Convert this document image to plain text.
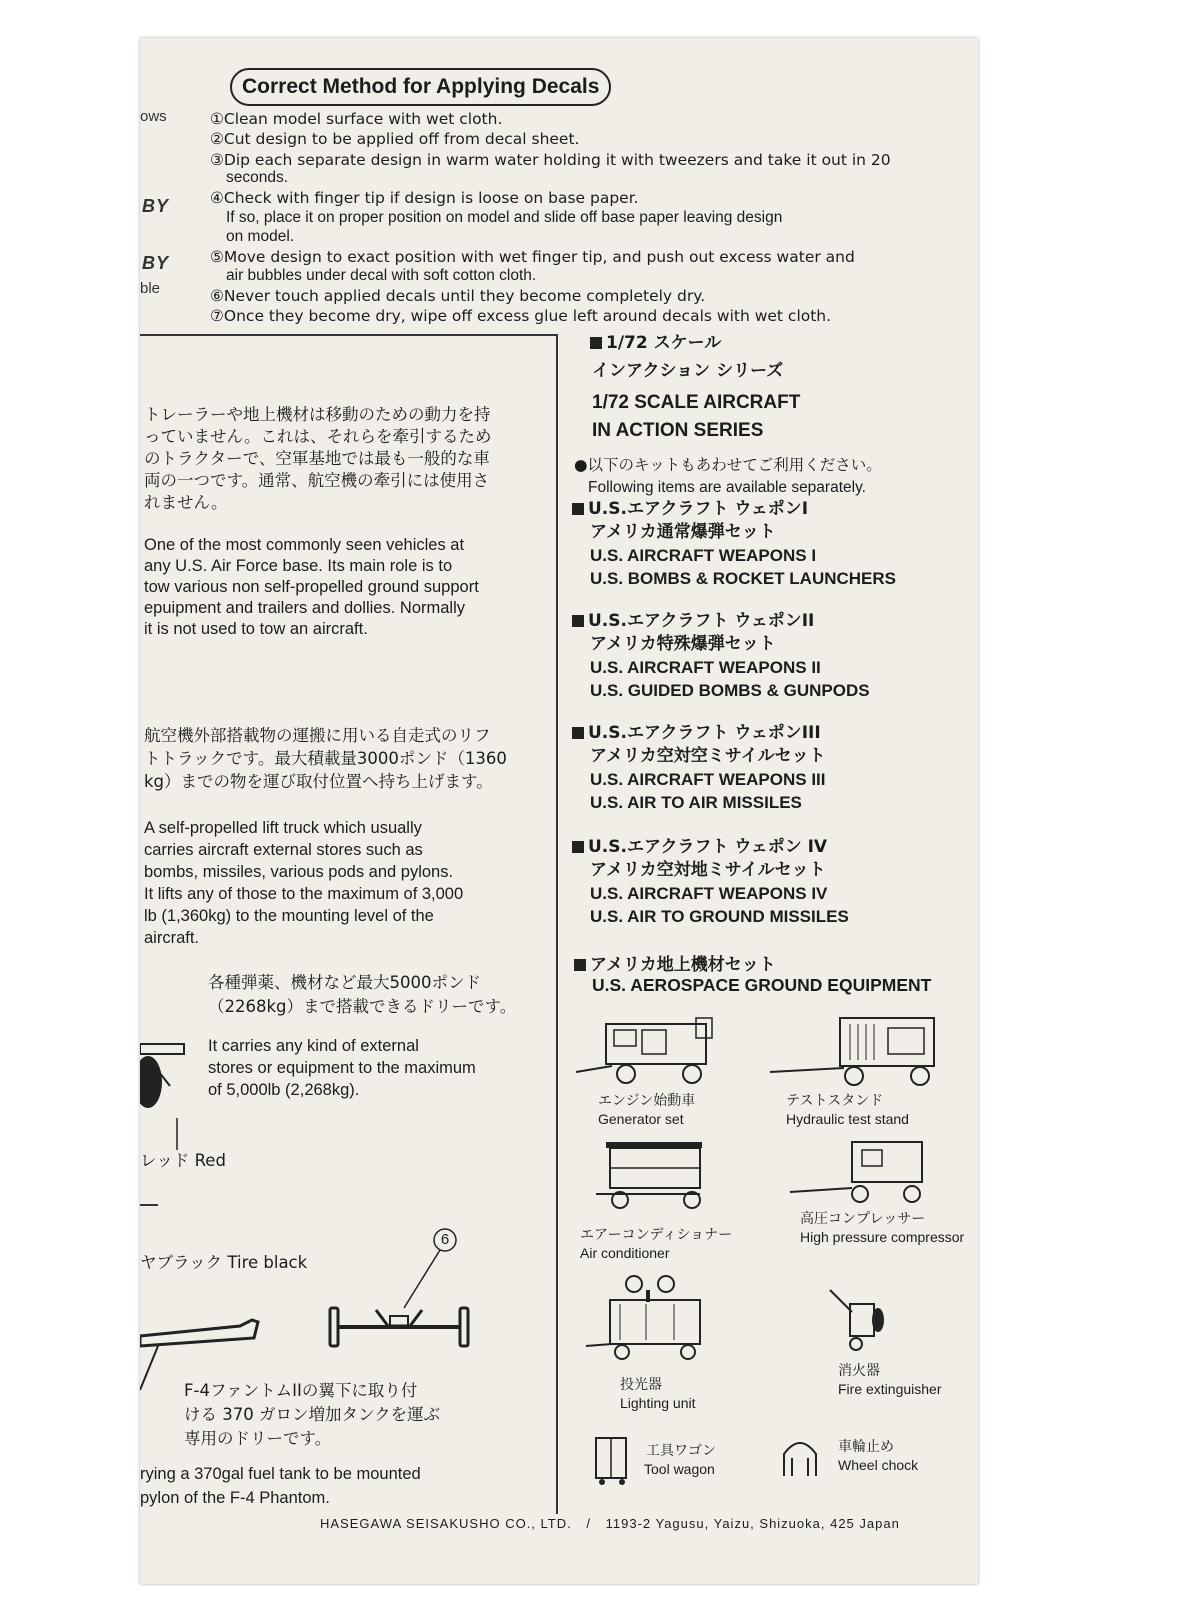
Correct Method for Applying Decals
ows
BY
BY
ble
①Clean model surface with wet cloth.
②Cut design to be applied off from decal sheet.
③Dip each separate design in warm water holding it with tweezers and take it out in 20
seconds.
④Check with finger tip if design is loose on base paper.
If so, place it on proper position on model and slide off base paper leaving design
on model.
⑤Move design to exact position with wet finger tip, and push out excess water and
air bubbles under decal with soft cotton cloth.
⑥Never touch applied decals until they become completely dry.
⑦Once they become dry, wipe off excess glue left around decals with wet cloth.
トレーラーや地上機材は移動のための動力を持
っていません。これは、それらを牽引するため
のトラクターで、空軍基地では最も一般的な車
両の一つです。通常、航空機の牽引には使用さ
れません。
One of the most commonly seen vehicles at
any U.S. Air Force base. Its main role is to
tow various non self-propelled ground support
epuipment and trailers and dollies. Normally
it is not used to tow an aircraft.
航空機外部搭載物の運搬に用いる自走式のリフ
トトラックです。最大積載量3000ポンド（1360
kg）までの物を運び取付位置へ持ち上げます。
A self-propelled lift truck which usually
carries aircraft external stores such as
bombs, missiles, various pods and pylons.
It lifts any of those to the maximum of 3,000
lb (1,360kg) to the mounting level of the
aircraft.
各種弾薬、機材など最大5000ポンド
（2268kg）まで搭載できるドリーです。
It carries any kind of external
stores or equipment to the maximum
of 5,000lb (2,268kg).
レッド Red
ヤブラック Tire black
6
F-4ファントムIIの翼下に取り付
ける 370 ガロン増加タンクを運ぶ
専用のドリーです。
rying a 370gal fuel tank to be mounted
pylon of the F-4 Phantom.
1/72 スケール
インアクション シリーズ
1/72 SCALE AIRCRAFT
IN ACTION SERIES
●以下のキットもあわせてご利用ください。
Following items are available separately.
U.S.エアクラフト ウェポンI
アメリカ通常爆弾セット
U.S. AIRCRAFT WEAPONS I
U.S. BOMBS & ROCKET LAUNCHERS
U.S.エアクラフト ウェポンII
アメリカ特殊爆弾セット
U.S. AIRCRAFT WEAPONS II
U.S. GUIDED BOMBS & GUNPODS
U.S.エアクラフト ウェポンIII
アメリカ空対空ミサイルセット
U.S. AIRCRAFT WEAPONS III
U.S. AIR TO AIR MISSILES
U.S.エアクラフト ウェポン IV
アメリカ空対地ミサイルセット
U.S. AIRCRAFT WEAPONS IV
U.S. AIR TO GROUND MISSILES
アメリカ地上機材セット
U.S. AEROSPACE GROUND EQUIPMENT
エンジン始動車
Generator set
テストスタンド
Hydraulic test stand
エアーコンディショナー
Air conditioner
高圧コンプレッサー
High pressure compressor
投光器
Lighting unit
消火器
Fire extinguisher
工具ワゴン
Tool wagon
車輪止め
Wheel chock
HASEGAWA SEISAKUSHO CO., LTD. / 1193-2 Yagusu, Yaizu, Shizuoka, 425 Japan
